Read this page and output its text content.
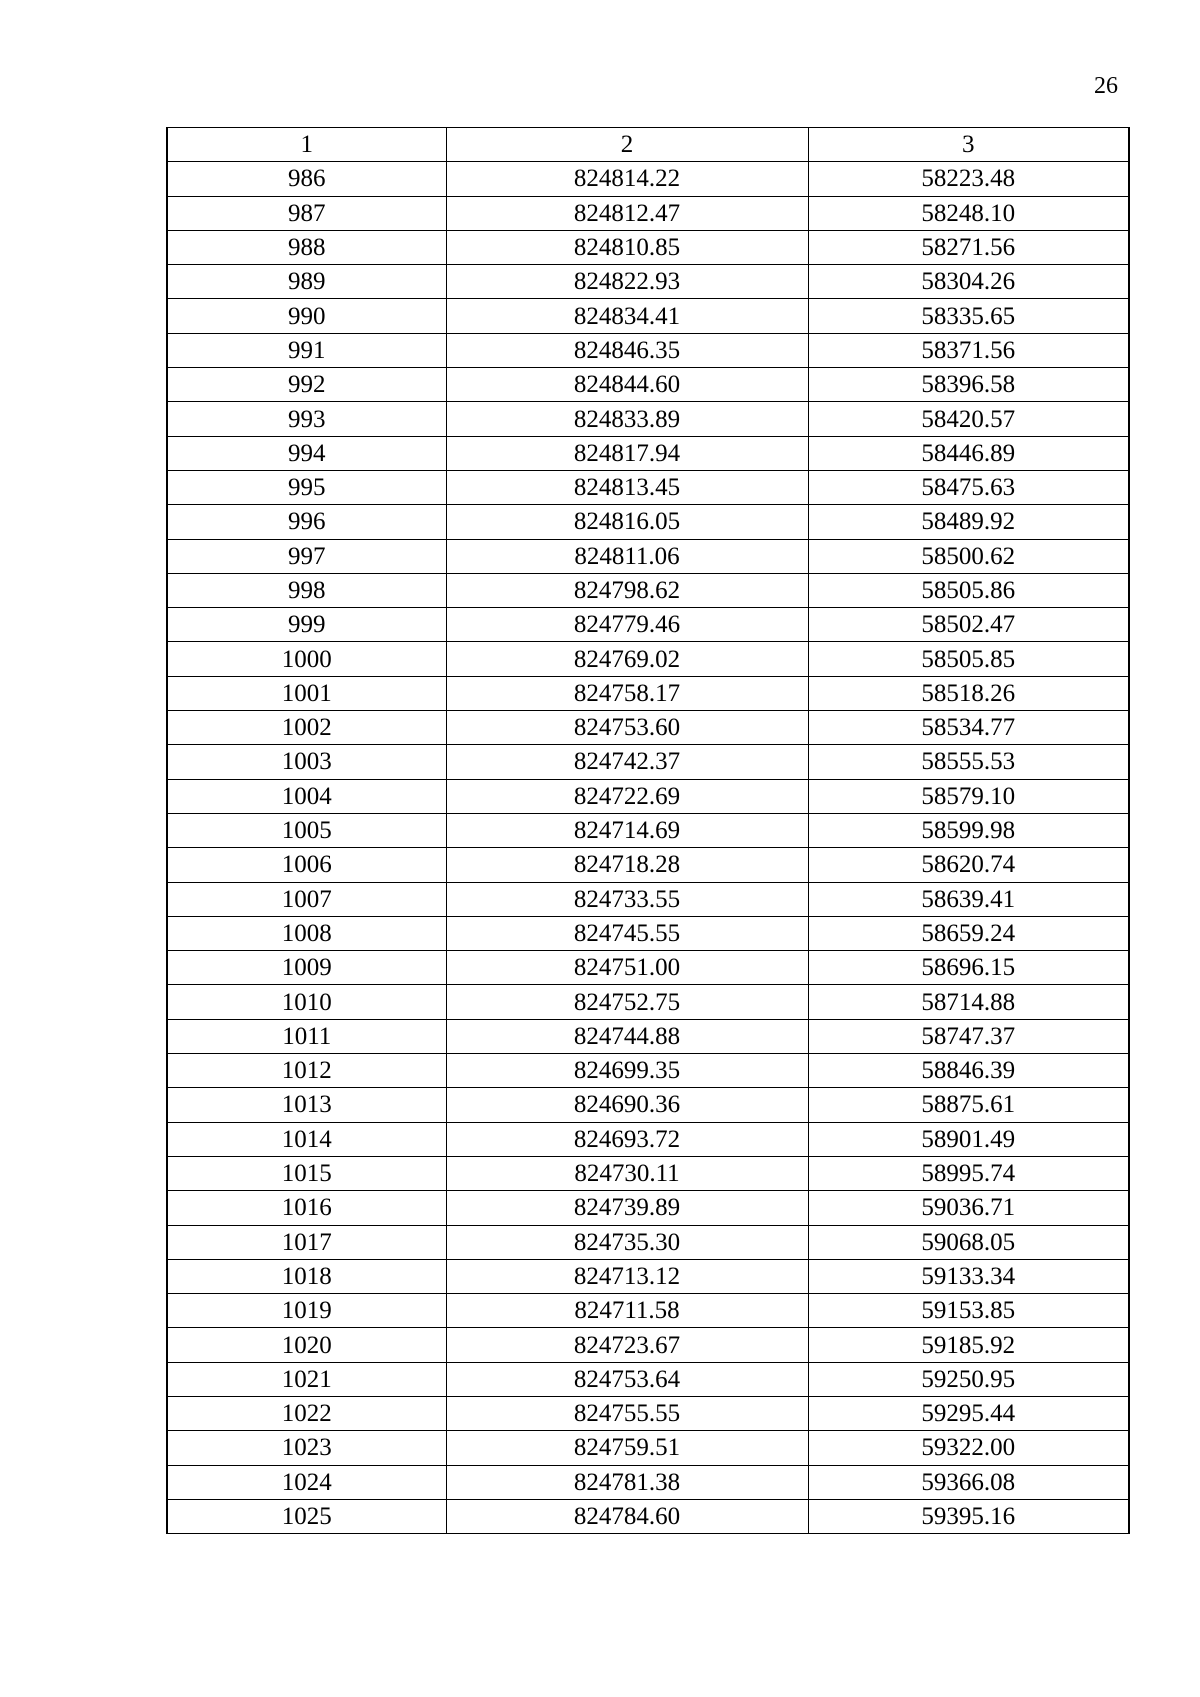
26
1	2	3
986	824814.22	58223.48
987	824812.47	58248.10
988	824810.85	58271.56
989	824822.93	58304.26
990	824834.41	58335.65
991	824846.35	58371.56
992	824844.60	58396.58
993	824833.89	58420.57
994	824817.94	58446.89
995	824813.45	58475.63
996	824816.05	58489.92
997	824811.06	58500.62
998	824798.62	58505.86
999	824779.46	58502.47
1000	824769.02	58505.85
1001	824758.17	58518.26
1002	824753.60	58534.77
1003	824742.37	58555.53
1004	824722.69	58579.10
1005	824714.69	58599.98
1006	824718.28	58620.74
1007	824733.55	58639.41
1008	824745.55	58659.24
1009	824751.00	58696.15
1010	824752.75	58714.88
1011	824744.88	58747.37
1012	824699.35	58846.39
1013	824690.36	58875.61
1014	824693.72	58901.49
1015	824730.11	58995.74
1016	824739.89	59036.71
1017	824735.30	59068.05
1018	824713.12	59133.34
1019	824711.58	59153.85
1020	824723.67	59185.92
1021	824753.64	59250.95
1022	824755.55	59295.44
1023	824759.51	59322.00
1024	824781.38	59366.08
1025	824784.60	59395.16
